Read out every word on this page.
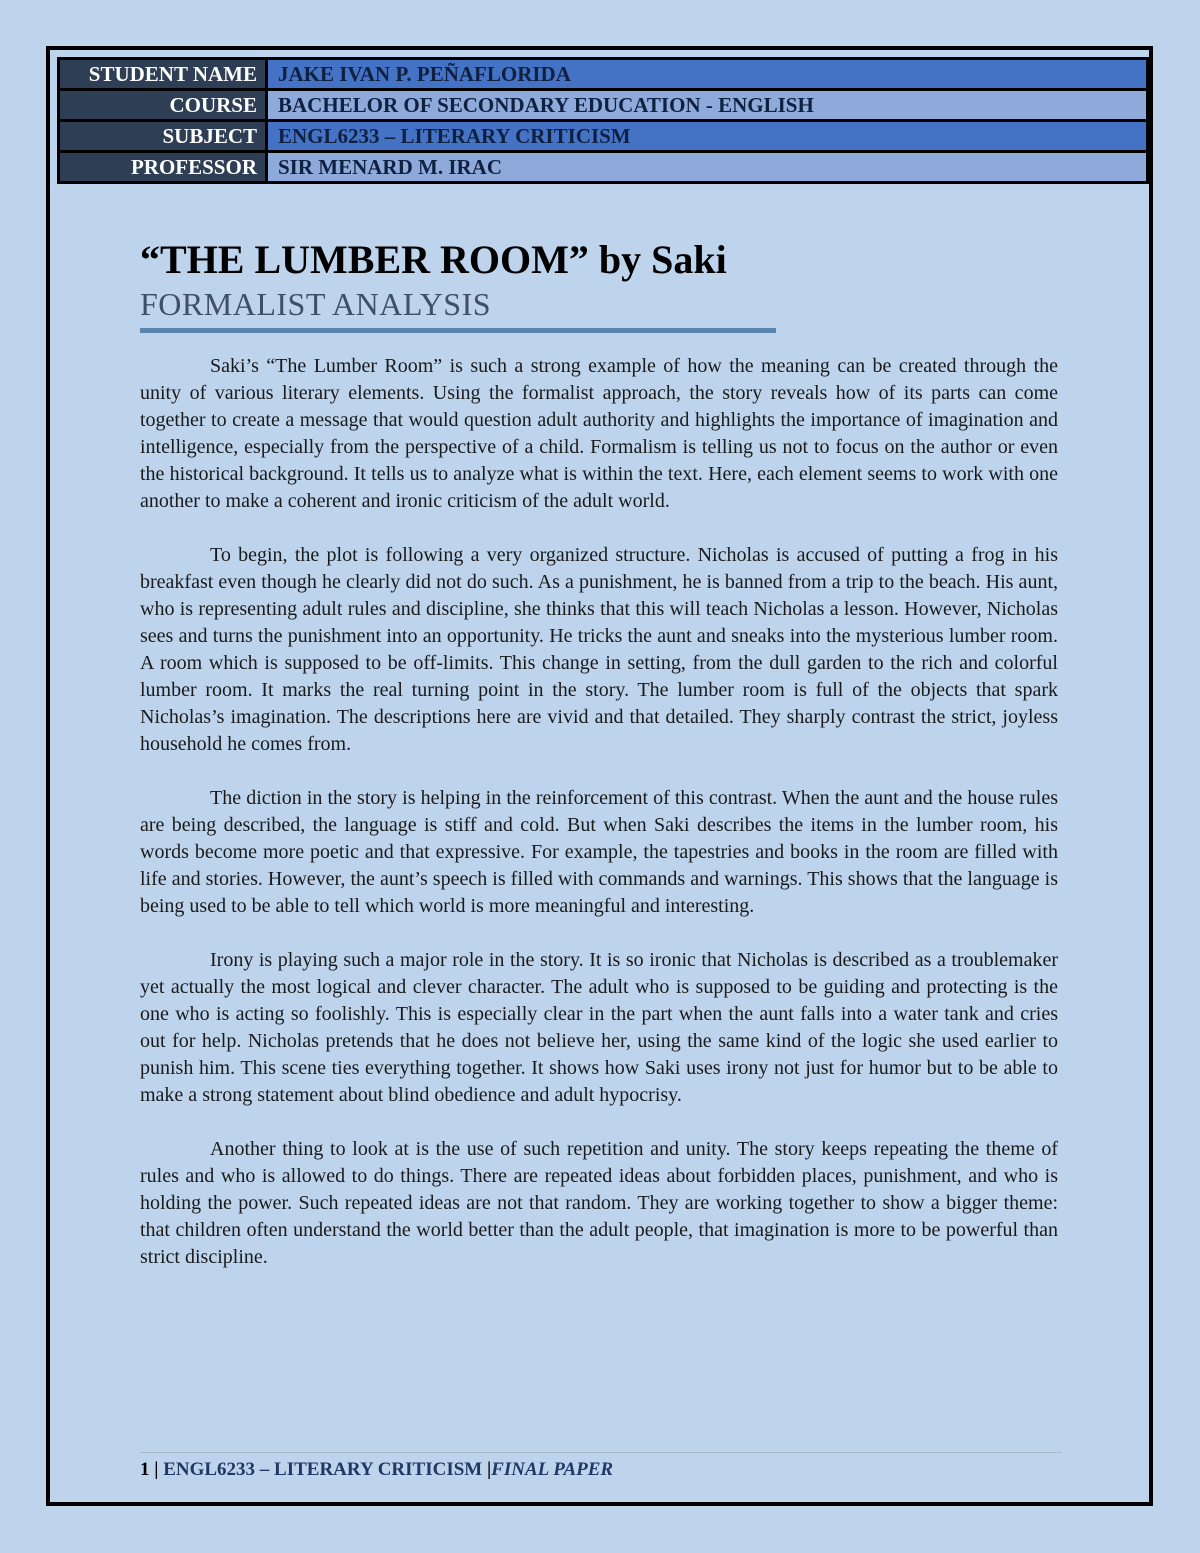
STUDENT NAME	JAKE IVAN P. PEÑAFLORIDA
COURSE	BACHELOR OF SECONDARY EDUCATION - ENGLISH
SUBJECT	ENGL6233 – LITERARY CRITICISM
PROFESSOR	SIR MENARD M. IRAC
“THE LUMBER ROOM” by Saki
FORMALIST ANALYSIS

Saki’s “The Lumber Room” is such a strong example of how the meaning can be created through the unity of various literary elements. Using the formalist approach, the story reveals how of its parts can come together to create a message that would question adult authority and highlights the importance of imagination and intelligence, especially from the perspective of a child. Formalism is telling us not to focus on the author or even the historical background. It tells us to analyze what is within the text. Here, each element seems to work with one another to make a coherent and ironic criticism of the adult world.

To begin, the plot is following a very organized structure. Nicholas is accused of putting a frog in his breakfast even though he clearly did not do such. As a punishment, he is banned from a trip to the beach. His aunt, who is representing adult rules and discipline, she thinks that this will teach Nicholas a lesson. However, Nicholas sees and turns the punishment into an opportunity. He tricks the aunt and sneaks into the mysterious lumber room. A room which is supposed to be off-limits. This change in setting, from the dull garden to the rich and colorful lumber room. It marks the real turning point in the story. The lumber room is full of the objects that spark Nicholas’s imagination. The descriptions here are vivid and that detailed. They sharply contrast the strict, joyless household he comes from.

The diction in the story is helping in the reinforcement of this contrast. When the aunt and the house rules are being described, the language is stiff and cold. But when Saki describes the items in the lumber room, his words become more poetic and that expressive. For example, the tapestries and books in the room are filled with life and stories. However, the aunt’s speech is filled with commands and warnings. This shows that the language is being used to be able to tell which world is more meaningful and interesting.

Irony is playing such a major role in the story. It is so ironic that Nicholas is described as a troublemaker yet actually the most logical and clever character. The adult who is supposed to be guiding and protecting is the one who is acting so foolishly. This is especially clear in the part when the aunt falls into a water tank and cries out for help. Nicholas pretends that he does not believe her, using the same kind of the logic she used earlier to punish him. This scene ties everything together. It shows how Saki uses irony not just for humor but to be able to make a strong statement about blind obedience and adult hypocrisy.

Another thing to look at is the use of such repetition and unity. The story keeps repeating the theme of rules and who is allowed to do things. There are repeated ideas about forbidden places, punishment, and who is holding the power. Such repeated ideas are not that random. They are working together to show a bigger theme: that children often understand the world better than the adult people, that imagination is more to be powerful than strict discipline.

1 | ENGL6233 – LITERARY CRITICISM |FINAL PAPER
